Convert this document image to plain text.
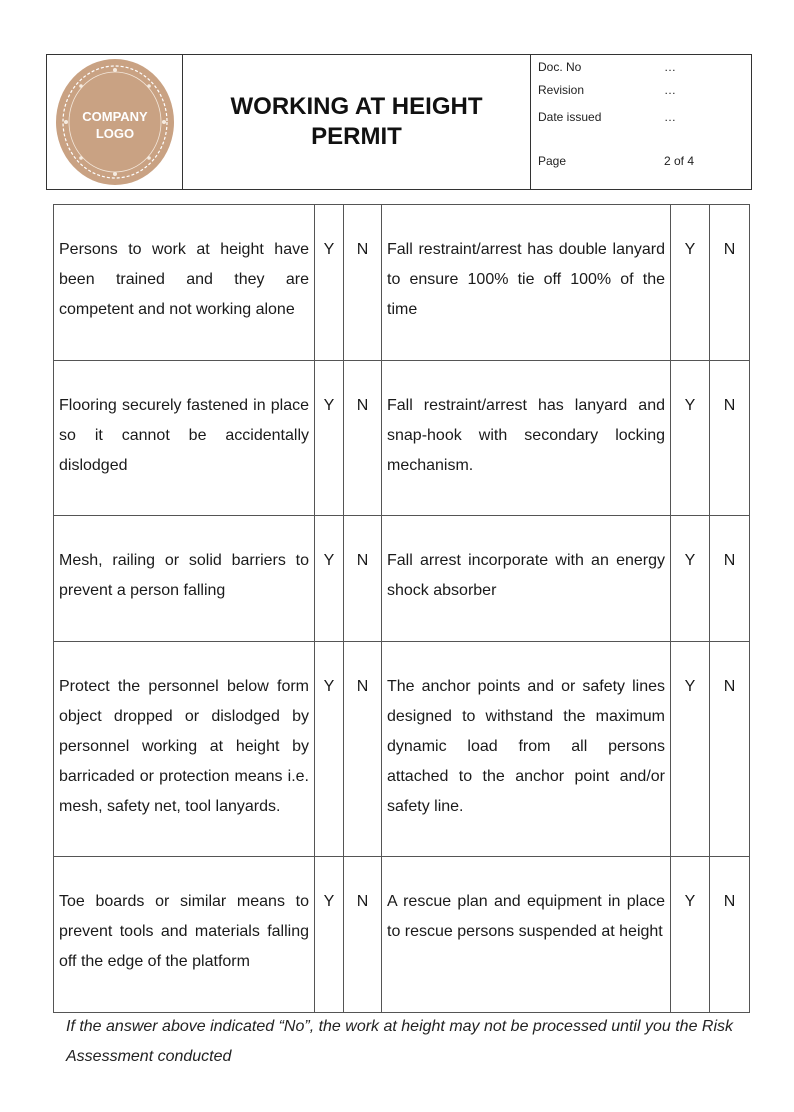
COMPANY
LOGO
WORKING AT HEIGHT PERMIT
Doc. No	…
Revision	…
Date issued	…
Page	2 of 4
Persons to work at height have been trained and they are competent and not working alone	Y	N	Fall restraint/arrest has double lanyard to ensure 100% tie off 100% of the time	Y	N
Flooring securely fastened in place so it cannot be accidentally dislodged	Y	N	Fall restraint/arrest has lanyard and snap-hook with secondary locking mechanism.	Y	N
Mesh, railing or solid barriers to prevent a person falling	Y	N	Fall arrest incorporate with an energy shock absorber	Y	N
Protect the personnel below form object dropped or dislodged by personnel working at height by barricaded or protection means i.e. mesh, safety net, tool lanyards.	Y	N	The anchor points and or safety lines designed to withstand the maximum dynamic load from all persons attached to the anchor point and/or safety line.	Y	N
Toe boards or similar means to prevent tools and materials falling off the edge of the platform	Y	N	A rescue plan and equipment in place to rescue persons suspended at height	Y	N
If the answer above indicated “No”, the work at height may not be processed until you the Risk Assessment conducted
